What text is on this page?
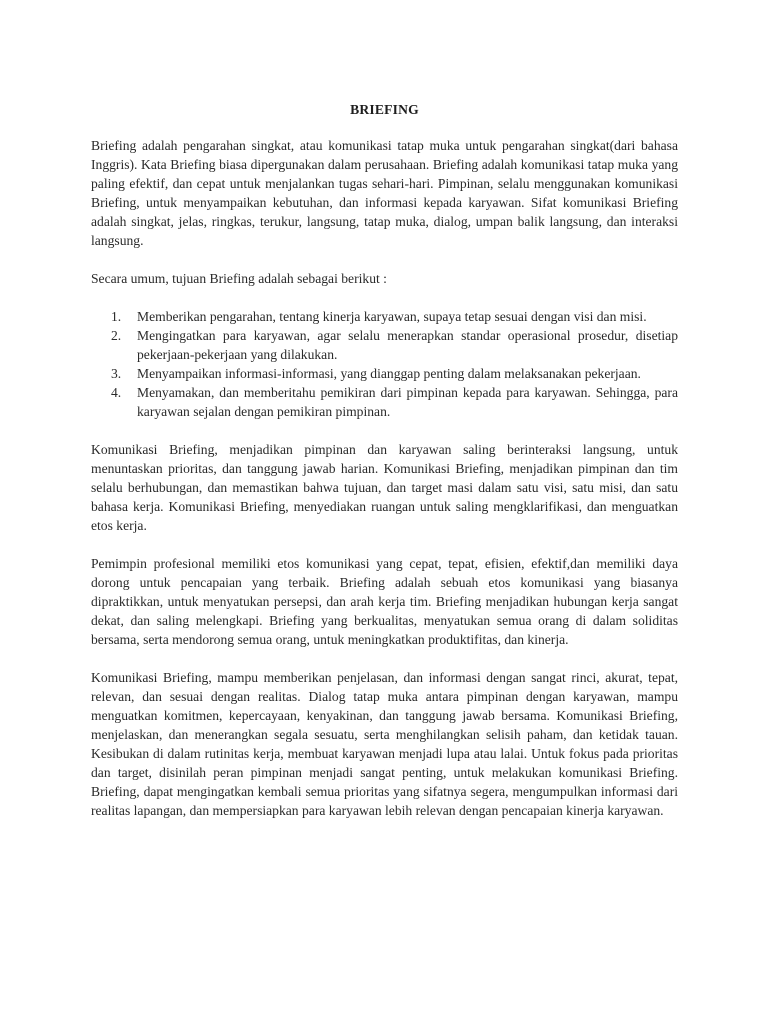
BRIEFING
Briefing adalah pengarahan singkat, atau komunikasi tatap muka untuk pengarahan singkat(dari bahasa Inggris). Kata Briefing biasa dipergunakan dalam perusahaan. Briefing adalah komunikasi tatap muka yang paling efektif, dan cepat untuk menjalankan tugas sehari-hari. Pimpinan, selalu menggunakan komunikasi Briefing, untuk menyampaikan kebutuhan, dan informasi kepada karyawan. Sifat komunikasi Briefing adalah singkat, jelas, ringkas, terukur, langsung, tatap muka, dialog, umpan balik langsung, dan interaksi langsung.
Secara umum, tujuan Briefing adalah sebagai berikut :
1. Memberikan pengarahan, tentang kinerja karyawan, supaya tetap sesuai dengan visi dan misi.
2. Mengingatkan para karyawan, agar selalu menerapkan standar operasional prosedur, disetiap pekerjaan-pekerjaan yang dilakukan.
3. Menyampaikan informasi-informasi, yang dianggap penting dalam melaksanakan pekerjaan.
4. Menyamakan, dan memberitahu pemikiran dari pimpinan kepada para karyawan. Sehingga, para karyawan sejalan dengan pemikiran pimpinan.
Komunikasi Briefing, menjadikan pimpinan dan karyawan saling berinteraksi langsung, untuk menuntaskan prioritas, dan tanggung jawab harian. Komunikasi Briefing, menjadikan pimpinan dan tim selalu berhubungan, dan memastikan bahwa tujuan, dan target masi dalam satu visi, satu misi, dan satu bahasa kerja. Komunikasi Briefing, menyediakan ruangan untuk saling mengklarifikasi, dan menguatkan etos kerja.
Pemimpin profesional memiliki etos komunikasi yang cepat, tepat, efisien, efektif,dan memiliki daya dorong untuk pencapaian yang terbaik. Briefing adalah sebuah etos komunikasi yang biasanya dipraktikkan, untuk menyatukan persepsi, dan arah kerja tim. Briefing menjadikan hubungan kerja sangat dekat, dan saling melengkapi. Briefing yang berkualitas, menyatukan semua orang di dalam soliditas bersama, serta mendorong semua orang, untuk meningkatkan produktifitas, dan kinerja.
Komunikasi Briefing, mampu memberikan penjelasan, dan informasi dengan sangat rinci, akurat, tepat, relevan, dan sesuai dengan realitas. Dialog tatap muka antara pimpinan dengan karyawan, mampu menguatkan komitmen, kepercayaan, kenyakinan, dan tanggung jawab bersama. Komunikasi Briefing, menjelaskan, dan menerangkan segala sesuatu, serta menghilangkan selisih paham, dan ketidak tauan. Kesibukan di dalam rutinitas kerja, membuat karyawan menjadi lupa atau lalai. Untuk fokus pada prioritas dan target, disinilah peran pimpinan menjadi sangat penting, untuk melakukan komunikasi Briefing. Briefing, dapat mengingatkan kembali semua prioritas yang sifatnya segera, mengumpulkan informasi dari realitas lapangan, dan mempersiapkan para karyawan lebih relevan dengan pencapaian kinerja karyawan.
